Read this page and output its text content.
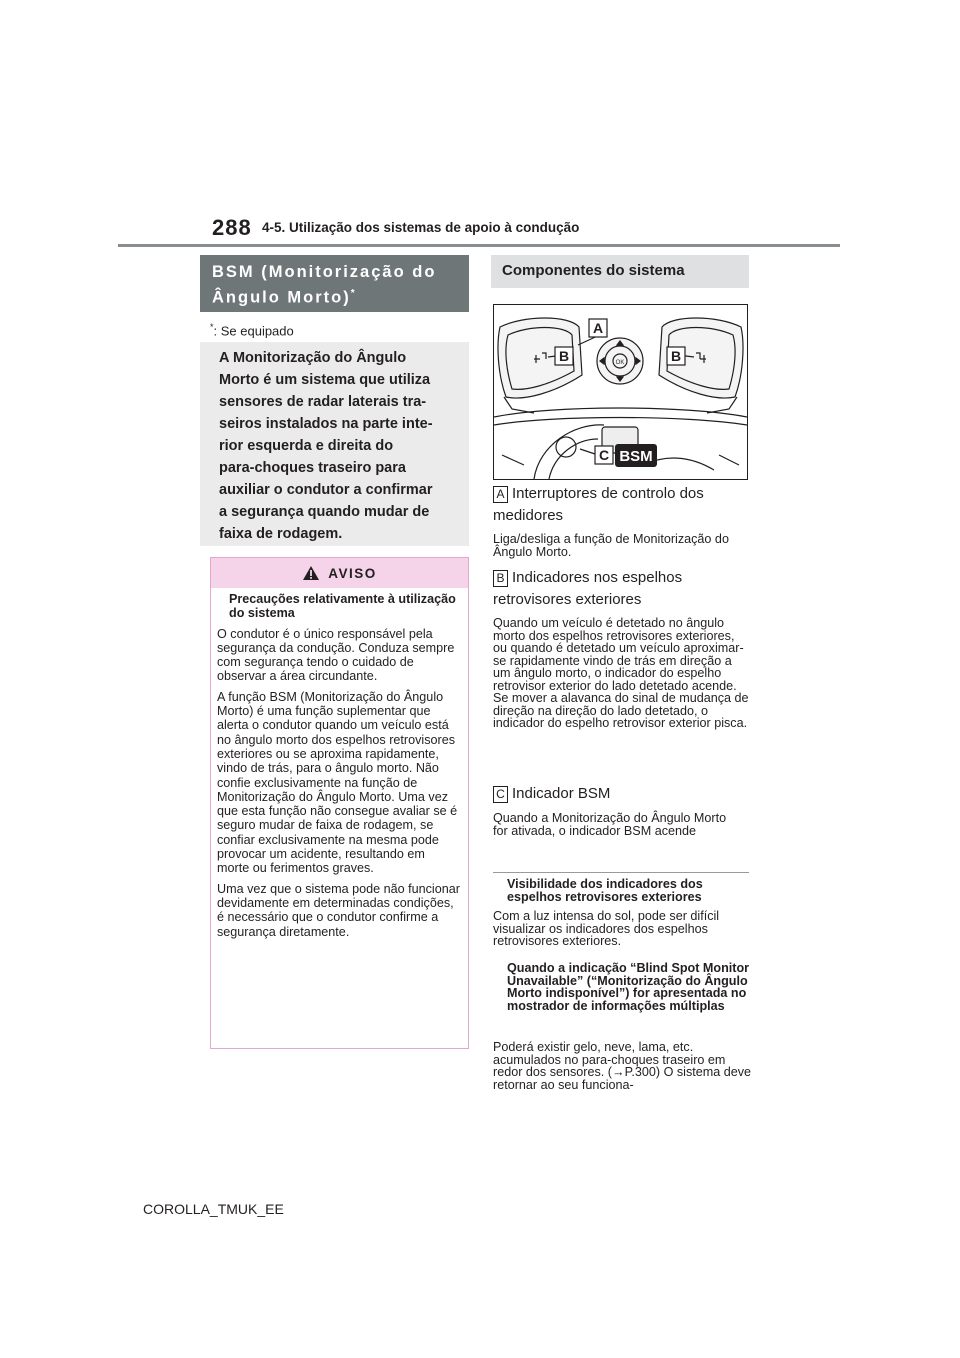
288 4-5. Utilização dos sistemas de apoio à condução
BSM (Monitorização do
Ângulo Morto)*
*: Se equipado

A Monitorização do Ângulo

Morto é um sistema que utiliza

sensores de radar laterais tra-

seiros instalados na parte inte-

rior esquerda e direita do

para-choques traseiro para

auxiliar o condutor a confirmar

a segurança quando mudar de

faixa de rodagem.

AVISO

Precauções relativamente à utilização do sistema

O condutor é o único responsável pela segurança da condução. Conduza sempre com segurança tendo o cuidado de observar a área circundante.

A função BSM (Monitorização do Ângulo Morto) é uma função suplementar que alerta o condutor quando um veículo está no ângulo morto dos espelhos retrovisores exteriores ou se aproxima rapidamente, vindo de trás, para o ângulo morto. Não confie exclusivamente na função de Monitorização do Ângulo Morto. Uma vez que esta função não consegue avaliar se é seguro mudar de faixa de rodagem, se confiar exclusivamente na mesma pode provocar um acidente, resultando em morte ou ferimentos graves.

Uma vez que o sistema pode não funcionar devidamente em determinadas condições, é necessário que o condutor confirme a segurança diretamente.

Componentes do sistema
A
B	B
C BSM
OK
A Interruptores de controlo dos medidores
Liga/desliga a função de Monitorização do Ângulo Morto.
B Indicadores nos espelhos retrovisores exteriores

Quando um veículo é detetado no ângulo morto dos espelhos retrovisores exteriores, ou quando é detetado um veículo aproximar-se rapidamente vindo de trás em direção a um ângulo morto, o indicador do espelho retrovisor exterior do lado detetado acende.

Se mover a alavanca do sinal de mudança de direção na direção do lado detetado, o indicador do espelho retrovisor exterior pisca.

C Indicador BSM
Quando a Monitorização do Ângulo Morto for ativada, o indicador BSM acende
Visibilidade dos indicadores dos espelhos retrovisores exteriores
Com a luz intensa do sol, pode ser difícil visualizar os indicadores dos espelhos retrovisores exteriores.
Quando a indicação “Blind Spot Monitor Unavailable” (“Monitorização do Ângulo Morto indisponível”) for apresentada no mostrador de informações múltiplas
Poderá existir gelo, neve, lama, etc. acumulados no para-choques traseiro em redor dos sensores. (→P.300) O sistema deve retornar ao seu funciona-
COROLLA_TMUK_EE
